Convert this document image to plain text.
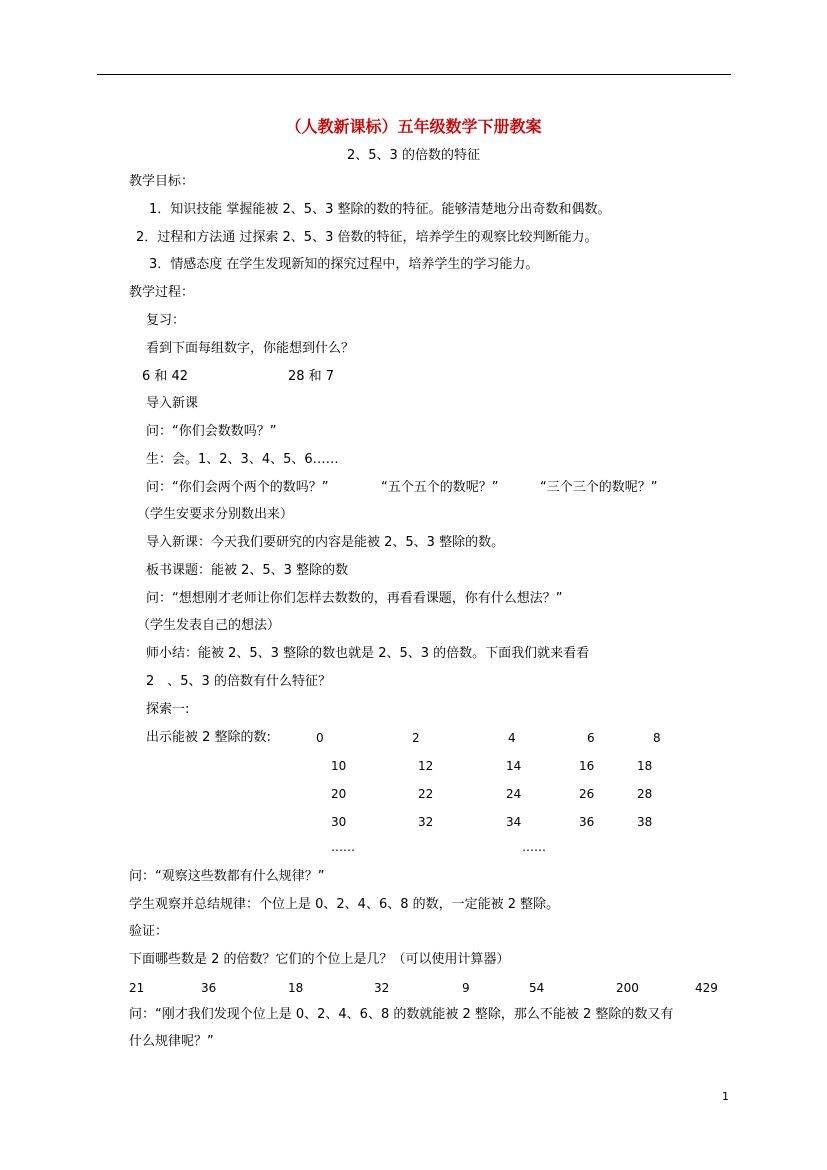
（人教新课标）五年级数学下册教案
2、5、3 的倍数的特征
教学目标：
1．知识技能 掌握能被 2、5、3 整除的数的特征。能够清楚地分出奇数和偶数。
2．过程和方法通 过探索 2、5、3 倍数的特征，培养学生的观察比较判断能力。
3．情感态度 在学生发现新知的探究过程中，培养学生的学习能力。
教学过程：
复习：
看到下面每组数字，你能想到什么？
6 和 42	28 和 7
导入新课
问：“你们会数数吗？”
生：会。1、2、3、4、5、6……
问：“你们会两个两个的数吗？”	“五个五个的数呢？”	“三个三个的数呢？”
（学生安要求分别数出来）
导入新课：今天我们要研究的内容是能被 2、5、3 整除的数。
板书课题：能被 2、5、3 整除的数
问：“想想刚才老师让你们怎样去数数的，再看看课题，你有什么想法？”
（学生发表自己的想法）
师小结：能被 2、5、3 整除的数也就是 2、5、3 的倍数。下面我们就来看看
2　、5、3 的倍数有什么特征？
探索一:
出示能被 2 整除的数:	0	2	4	6	8
10	12	14	16	18
20	22	24	26	28
30	32	34	36	38
……	……
问：“观察这些数都有什么规律？”
学生观察并总结规律：个位上是 0、2、4、6、8 的数，一定能被 2 整除。
验证：
下面哪些数是 2 的倍数？它们的个位上是几？（可以使用计算器）
21	36	18	32	9	54	200	429
问：“刚才我们发现个位上是 0、2、4、6、8 的数就能被 2 整除，那么不能被 2 整除的数又有
什么规律呢？”
1
